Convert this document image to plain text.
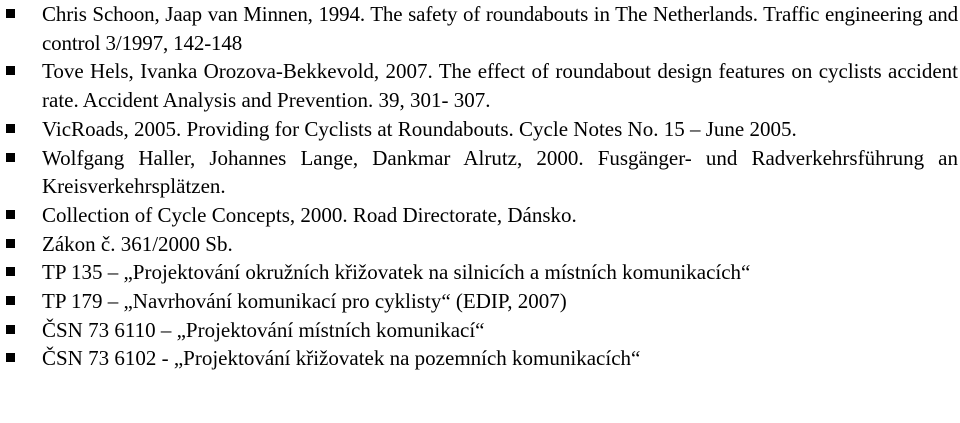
Chris Schoon, Jaap van Minnen, 1994. The safety of roundabouts in The Netherlands. Traffic engineering and control 3/1997, 142-148
Tove Hels, Ivanka Orozova-Bekkevold, 2007. The effect of roundabout design features on cyclists accident rate. Accident Analysis and Prevention. 39, 301- 307.
VicRoads, 2005. Providing for Cyclists at Roundabouts. Cycle Notes No. 15 – June 2005.
Wolfgang Haller, Johannes Lange, Dankmar Alrutz, 2000. Fusgänger- und Radverkehrsführung an Kreisverkehrsplätzen.
Collection of Cycle Concepts, 2000. Road Directorate, Dánsko.
Zákon č. 361/2000 Sb.
TP 135 – „Projektování okružních křižovatek na silnicích a místních komunikacích“
TP 179 – „Navrhování komunikací pro cyklisty“ (EDIP, 2007)
ČSN 73 6110 – „Projektování místních komunikací“
ČSN 73 6102 - „Projektování křižovatek na pozemních komunikacích“
